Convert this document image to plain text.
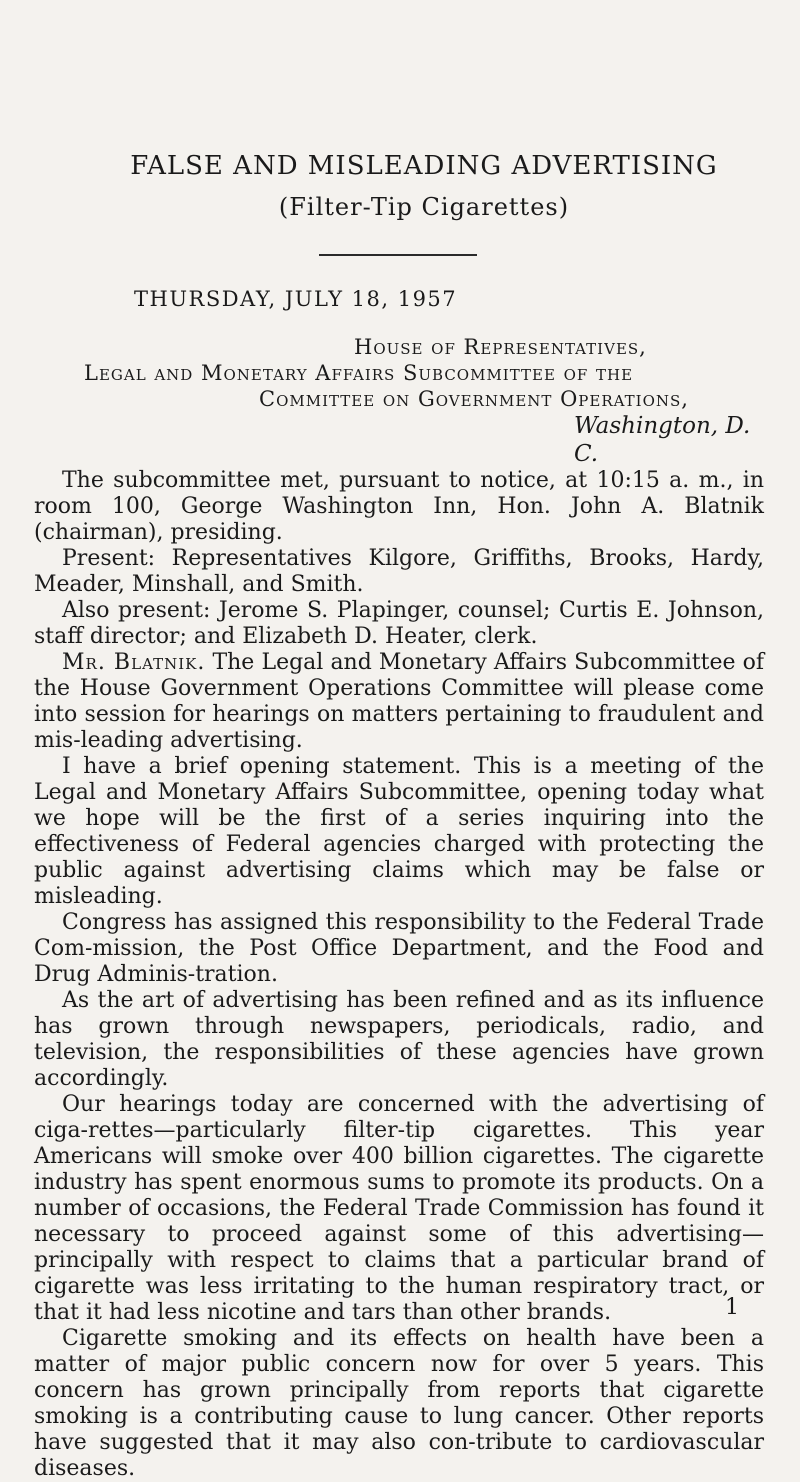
FALSE AND MISLEADING ADVERTISING
(Filter-Tip Cigarettes)
THURSDAY, JULY 18, 1957
House of Representatives,
Legal and Monetary Affairs Subcommittee of the
Committee on Government Operations,
Washington, D. C.

The subcommittee met, pursuant to notice, at 10:15 a. m., in room 100, George Washington Inn, Hon. John A. Blatnik (chairman), presiding.

Present: Representatives Kilgore, Griffiths, Brooks, Hardy, Meader, Minshall, and Smith.

Also present: Jerome S. Plapinger, counsel; Curtis E. Johnson, staff director; and Elizabeth D. Heater, clerk.

Mr. Blatnik. The Legal and Monetary Affairs Subcommittee of the House Government Operations Committee will please come into session for hearings on matters pertaining to fraudulent and mis-leading advertising.

I have a brief opening statement. This is a meeting of the Legal and Monetary Affairs Subcommittee, opening today what we hope will be the first of a series inquiring into the effectiveness of Federal agencies charged with protecting the public against advertising claims which may be false or misleading.

Congress has assigned this responsibility to the Federal Trade Com-mission, the Post Office Department, and the Food and Drug Adminis-tration.

As the art of advertising has been refined and as its influence has grown through newspapers, periodicals, radio, and television, the responsibilities of these agencies have grown accordingly.

Our hearings today are concerned with the advertising of ciga-rettes—particularly filter-tip cigarettes. This year Americans will smoke over 400 billion cigarettes. The cigarette industry has spent enormous sums to promote its products. On a number of occasions, the Federal Trade Commission has found it necessary to proceed against some of this advertising—principally with respect to claims that a particular brand of cigarette was less irritating to the human respiratory tract, or that it had less nicotine and tars than other brands.

Cigarette smoking and its effects on health have been a matter of major public concern now for over 5 years. This concern has grown principally from reports that cigarette smoking is a contributing cause to lung cancer. Other reports have suggested that it may also con-tribute to cardiovascular diseases.

1
